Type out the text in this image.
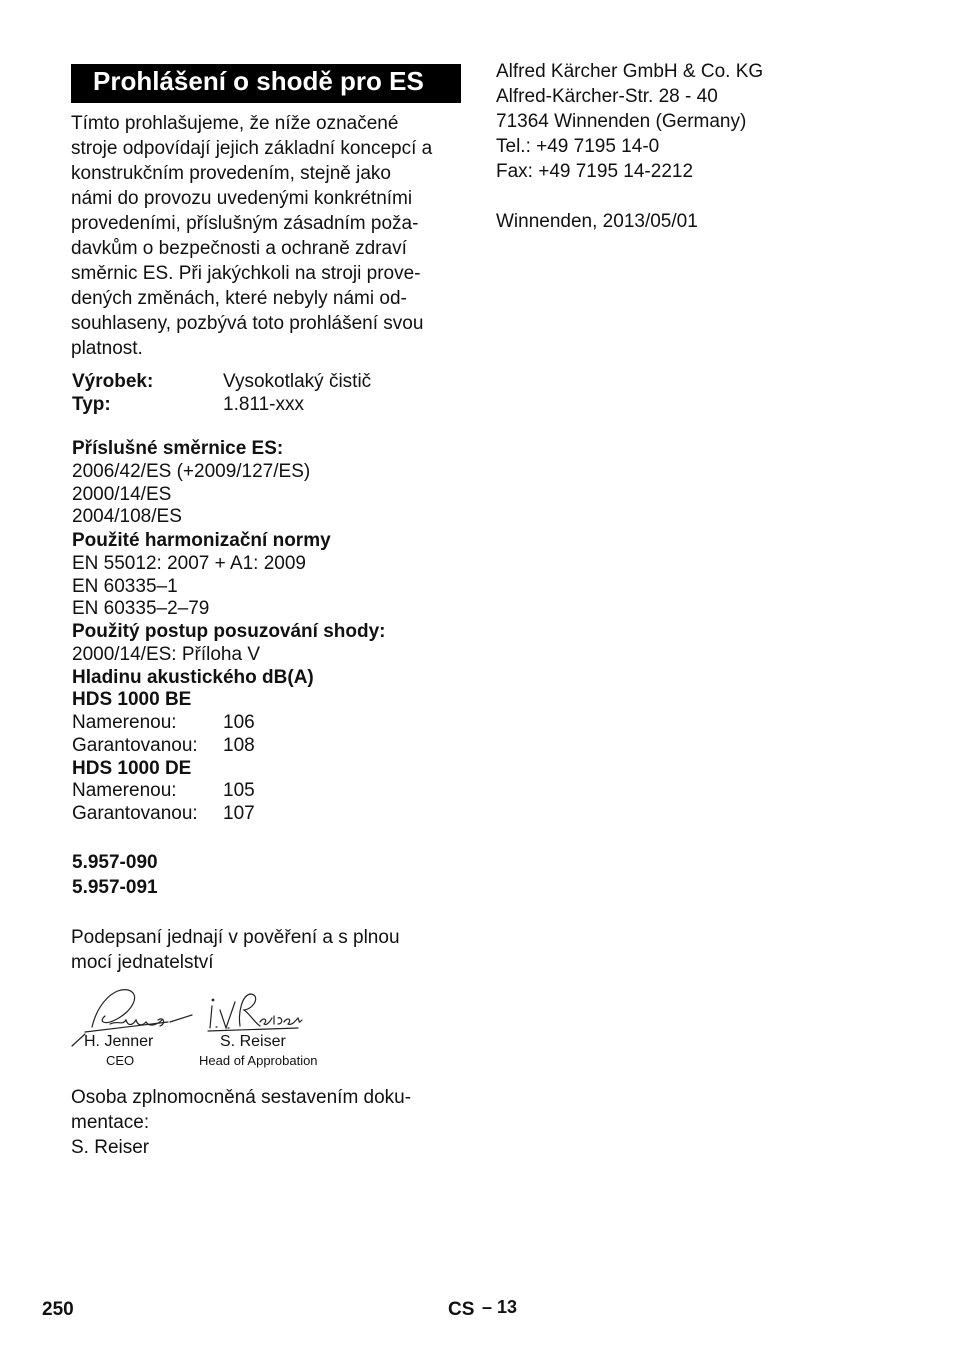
Prohlášení o shodě pro ES
Tímto prohlašujeme, že níže označené
stroje odpovídají jejich základní koncepcí a
konstrukčním provedením, stejně jako
námi do provozu uvedenými konkrétními
provedeními, příslušným zásadním poža-
davkům o bezpečnosti a ochraně zdraví
směrnic ES. Při jakýchkoli na stroji prove-
dených změnách, které nebyly námi od-
souhlaseny, pozbývá toto prohlášení svou
platnost.
Výrobek:	Vysokotlaký čistič
Typ:	1.811-xxx
Příslušné směrnice ES:
2006/42/ES (+2009/127/ES)
2000/14/ES
2004/108/ES
Použité harmonizační normy
EN 55012: 2007 + A1: 2009
EN 60335–1
EN 60335–2–79
Použitý postup posuzování shody:
2000/14/ES: Příloha V
Hladinu akustického dB(A)
HDS 1000 BE
Namerenou: 106
Garantovanou: 108
HDS 1000 DE
Namerenou: 105
Garantovanou: 107
5.957-090
5.957-091
Podepsaní jednají v pověření a s plnou
mocí jednatelství
H. Jenner
CEO
S. Reiser
Head of Approbation
Osoba zplnomocněná sestavením doku-
mentace:
S. Reiser
Alfred Kärcher GmbH & Co. KG
Alfred-Kärcher-Str. 28 - 40
71364 Winnenden (Germany)
Tel.: +49 7195 14-0
Fax: +49 7195 14-2212
Winnenden, 2013/05/01
250	CS – 13
